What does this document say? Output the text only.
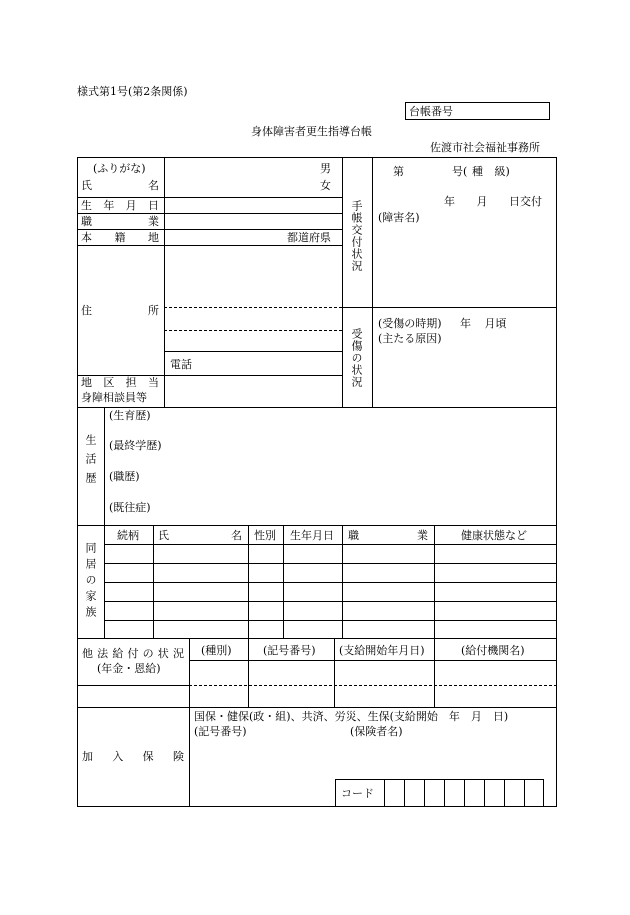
様式第1号(第2条関係)
台帳番号
身体障害者更生指導台帳
佐渡市社会福祉事務所
(ふりがな)
氏	名
男
女
生 年 月 日
職	業
本 籍 地	都道府県
住	所
電話
地 区 担 当
身障相談員等
手帳交付状況
受傷の状況
第	号( 種 級)
年 月 日交付
(障害名)
(受傷の時期) 年 月頃
(主たる原因)
生活歴
(生育歴)
(最終学歴)
(職歴)
(既往症)
同居の家族
続柄 氏	名 性別 生年月日 職	業	健康状態など
他 法 給 付 の 状 況
(年金・恩給)
(種別)	(記号番号) (支給開始年月日)	(給付機関名)
加 入 保 険
国保・健保(政・組)、共済、労災、生保(支給開始　年　月　日)
(記号番号)	(保険者名)
コード
